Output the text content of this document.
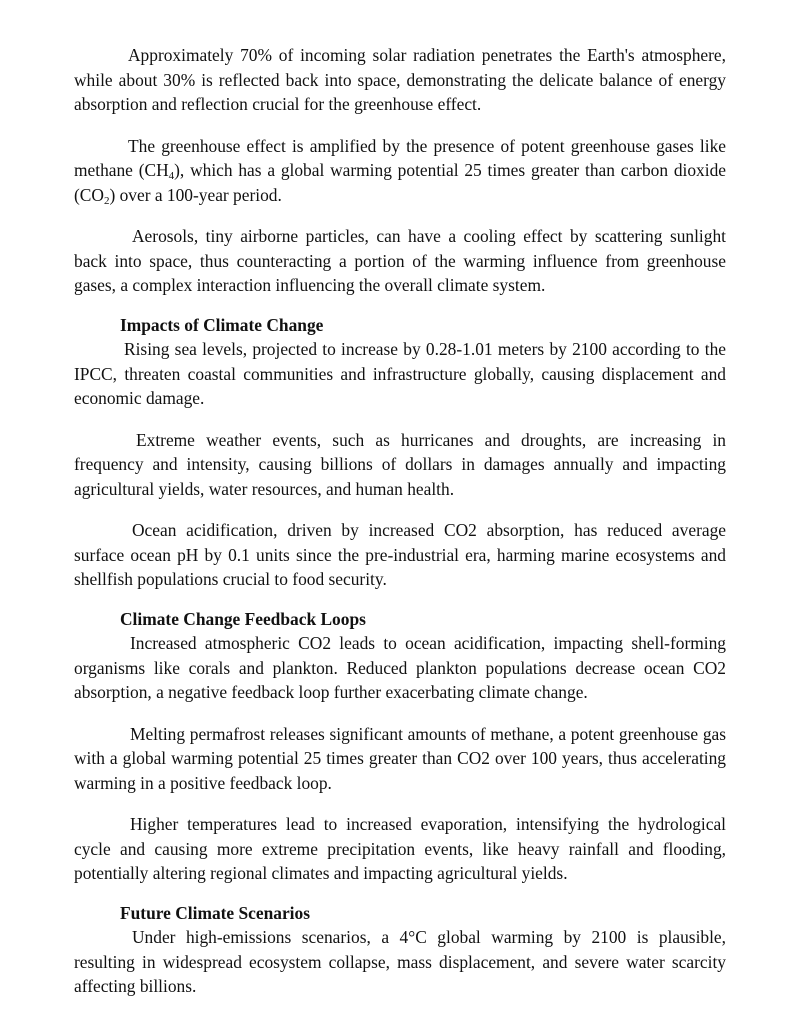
Approximately 70% of incoming solar radiation penetrates the Earth's atmosphere, while about 30% is reflected back into space, demonstrating the delicate balance of energy absorption and reflection crucial for the greenhouse effect.

The greenhouse effect is amplified by the presence of potent greenhouse gases like methane $(CH_4)$, which has a global warming potential 25 times greater than carbon dioxide $(CO_2)$ over a 100-year period.

Aerosols, tiny airborne particles, can have a cooling effect by scattering sunlight back into space, thus counteracting a portion of the warming influence from greenhouse gases, a complex interaction influencing the overall climate system.

Impacts of Climate Change

Rising sea levels, projected to increase by 0.28-1.01 meters by 2100 according to the IPCC, threaten coastal communities and infrastructure globally, causing displacement and economic damage.

Extreme weather events, such as hurricanes and droughts, are increasing in frequency and intensity, causing billions of dollars in damages annually and impacting agricultural yields, water resources, and human health.

Ocean acidification, driven by increased CO2 absorption, has reduced average surface ocean pH by 0.1 units since the pre-industrial era, harming marine ecosystems and shellfish populations crucial to food security.

Climate Change Feedback Loops

Increased atmospheric CO2 leads to ocean acidification, impacting shell-forming organisms like corals and plankton. Reduced plankton populations decrease ocean CO2 absorption, a negative feedback loop further exacerbating climate change.

Melting permafrost releases significant amounts of methane, a potent greenhouse gas with a global warming potential 25 times greater than CO2 over 100 years, thus accelerating warming in a positive feedback loop.

Higher temperatures lead to increased evaporation, intensifying the hydrological cycle and causing more extreme precipitation events, like heavy rainfall and flooding, potentially altering regional climates and impacting agricultural yields.

Future Climate Scenarios

Under high-emissions scenarios, a 4°C global warming by 2100 is plausible, resulting in widespread ecosystem collapse, mass displacement, and severe water scarcity affecting billions.
